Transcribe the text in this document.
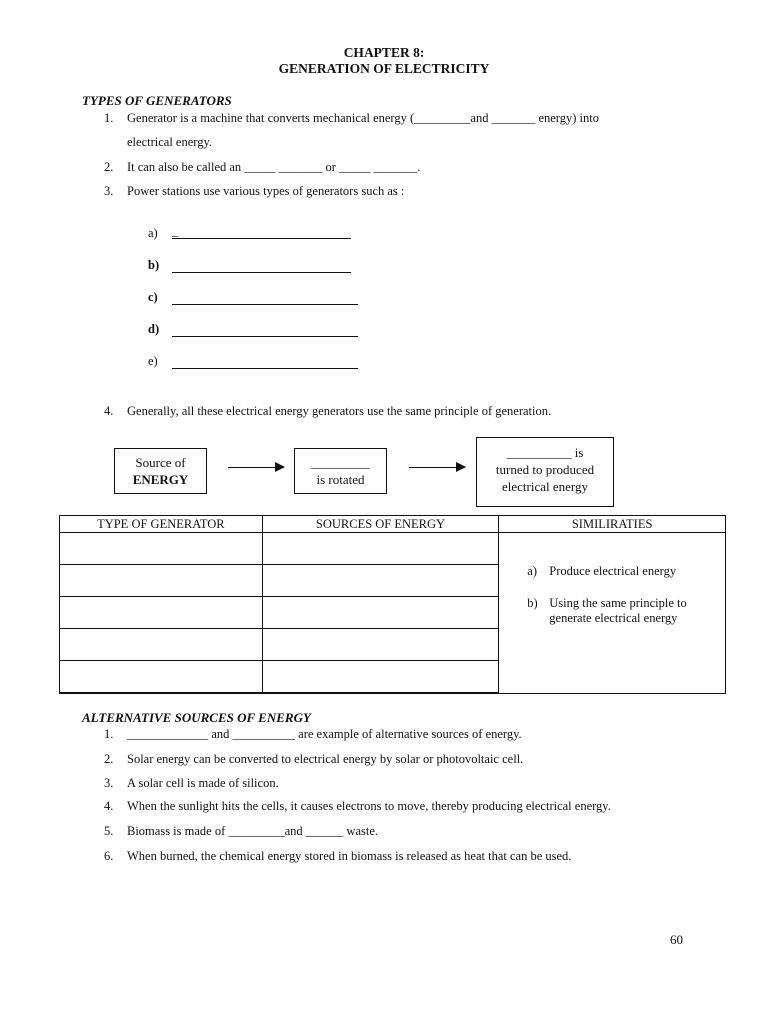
CHAPTER 8:
GENERATION OF ELECTRICITY
TYPES OF GENERATORS
1. Generator is a machine that converts mechanical energy (_________and _______ energy) into
electrical energy.
2. It can also be called an _____ _______ or _____ _______.
3. Power stations use various types of generators such as :
a) _
b)
c)
d)
e)
4. Generally, all these electrical energy generators use the same principle of generation.
Source of
ENERGY
_________
is rotated
__________ is
turned to produced
electrical energy
TYPE OF GENERATOR	SOURCES OF ENERGY	SIMILIRATIES

		a) Produce electrical energy
b) Using the same principle to
generate electrical energy

ALTERNATIVE SOURCES OF ENERGY
1. _____________ and __________ are example of alternative sources of energy.
2. Solar energy can be converted to electrical energy by solar or photovoltaic cell.
3. A solar cell is made of silicon.
4. When the sunlight hits the cells, it causes electrons to move, thereby producing electrical energy.
5. Biomass is made of _________and ______ waste.
6. When burned, the chemical energy stored in biomass is released as heat that can be used.
60
